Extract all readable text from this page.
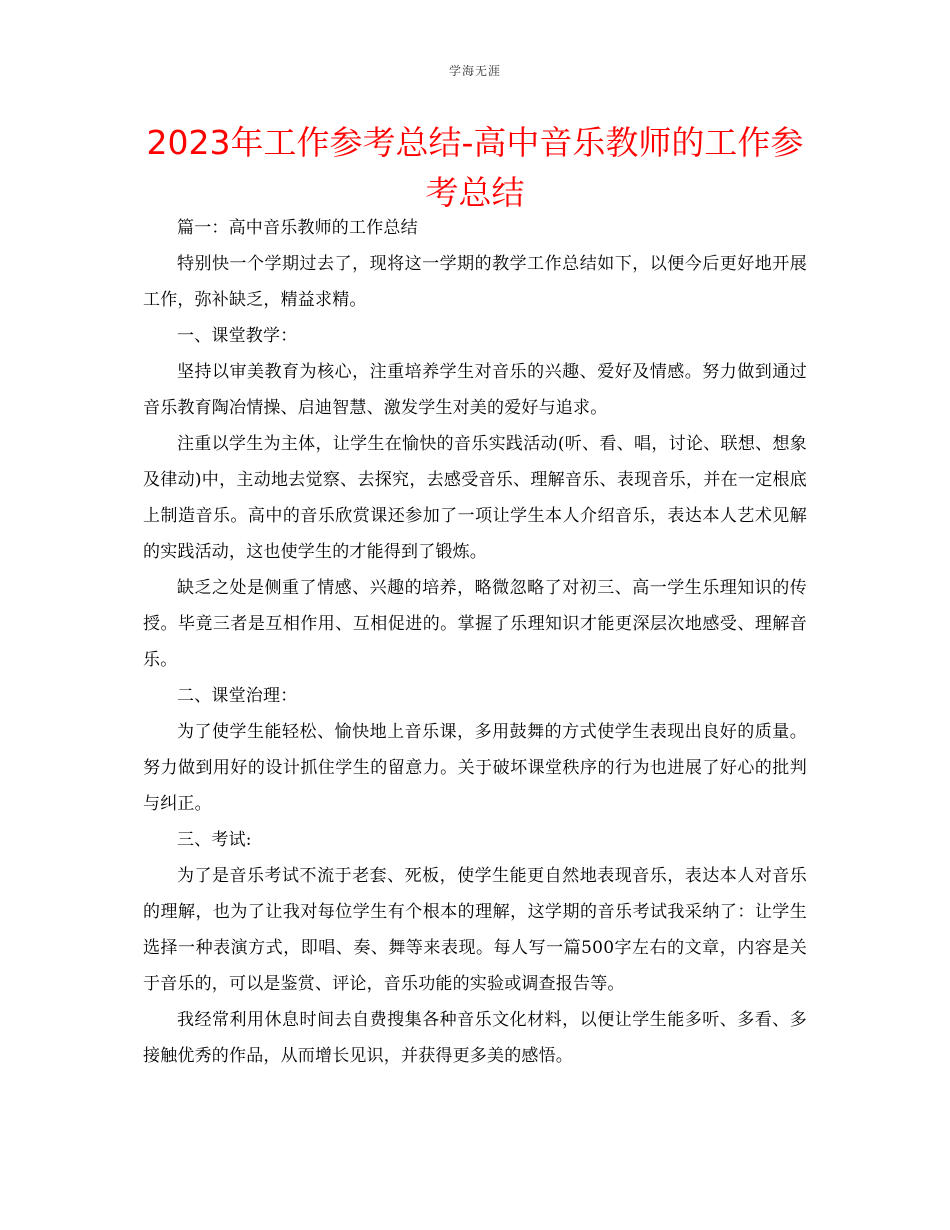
学海无涯
2023年工作参考总结-高中音乐教师的工作参考总结

篇一：高中音乐教师的工作总结

特别快一个学期过去了，现将这一学期的教学工作总结如下，以便今后更好地开展工作，弥补缺乏，精益求精。

一、课堂教学：

坚持以审美教育为核心，注重培养学生对音乐的兴趣、爱好及情感。努力做到通过音乐教育陶冶情操、启迪智慧、激发学生对美的爱好与追求。

注重以学生为主体，让学生在愉快的音乐实践活动(听、看、唱，讨论、联想、想象及律动)中，主动地去觉察、去探究，去感受音乐、理解音乐、表现音乐，并在一定根底上制造音乐。高中的音乐欣赏课还参加了一项让学生本人介绍音乐，表达本人艺术见解的实践活动，这也使学生的才能得到了锻炼。

缺乏之处是侧重了情感、兴趣的培养，略微忽略了对初三、高一学生乐理知识的传授。毕竟三者是互相作用、互相促进的。掌握了乐理知识才能更深层次地感受、理解音乐。

二、课堂治理：

为了使学生能轻松、愉快地上音乐课，多用鼓舞的方式使学生表现出良好的质量。努力做到用好的设计抓住学生的留意力。关于破坏课堂秩序的行为也进展了好心的批判与纠正。

三、考试:

为了是音乐考试不流于老套、死板，使学生能更自然地表现音乐，表达本人对音乐的理解，也为了让我对每位学生有个根本的理解，这学期的音乐考试我采纳了：让学生选择一种表演方式，即唱、奏、舞等来表现。每人写一篇500字左右的文章，内容是关于音乐的，可以是鉴赏、评论，音乐功能的实验或调查报告等。

我经常利用休息时间去自费搜集各种音乐文化材料，以便让学生能多听、多看、多接触优秀的作品，从而增长见识，并获得更多美的感悟。
